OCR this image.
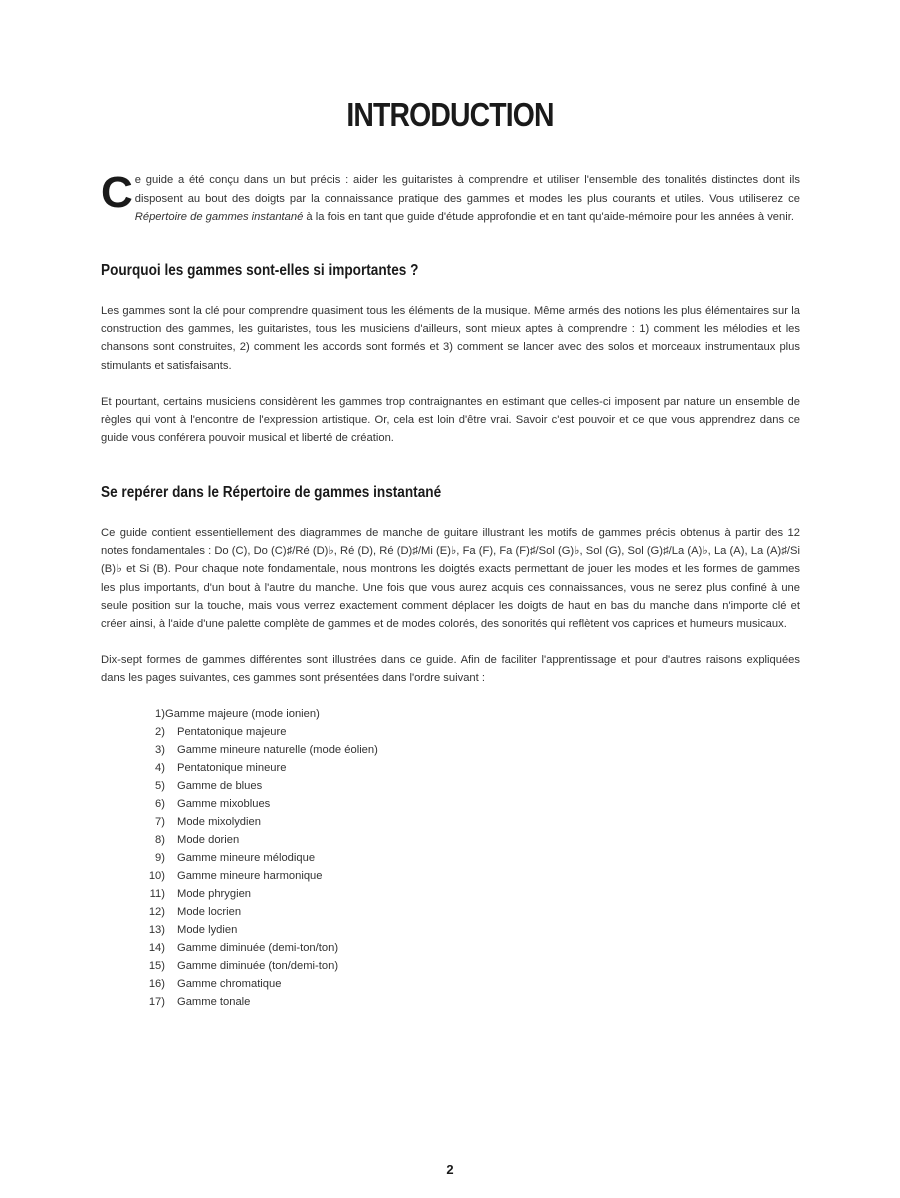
INTRODUCTION
Ce guide a été conçu dans un but précis : aider les guitaristes à comprendre et utiliser l'ensemble des tonalités distinctes dont ils disposent au bout des doigts par la connaissance pratique des gammes et modes les plus courants et utiles. Vous utiliserez ce Répertoire de gammes instantané à la fois en tant que guide d'étude approfondie et en tant qu'aide-mémoire pour les années à venir.
Pourquoi les gammes sont-elles si importantes ?
Les gammes sont la clé pour comprendre quasiment tous les éléments de la musique. Même armés des notions les plus élémentaires sur la construction des gammes, les guitaristes, tous les musiciens d'ailleurs, sont mieux aptes à comprendre : 1) comment les mélodies et les chansons sont construites, 2) comment les accords sont formés et 3) comment se lancer avec des solos et morceaux instrumentaux plus stimulants et satisfaisants.
Et pourtant, certains musiciens considèrent les gammes trop contraignantes en estimant que celles-ci imposent par nature un ensemble de règles qui vont à l'encontre de l'expression artistique. Or, cela est loin d'être vrai. Savoir c'est pouvoir et ce que vous apprendrez dans ce guide vous conférera pouvoir musical et liberté de création.
Se repérer dans le Répertoire de gammes instantané
Ce guide contient essentiellement des diagrammes de manche de guitare illustrant les motifs de gammes précis obtenus à partir des 12 notes fondamentales : Do (C), Do (C)♯/Ré (D)♭, Ré (D), Ré (D)♯/Mi (E)♭, Fa (F), Fa (F)♯/Sol (G)♭, Sol (G), Sol (G)♯/La (A)♭, La (A), La (A)♯/Si (B)♭ et Si (B). Pour chaque note fondamentale, nous montrons les doigtés exacts permettant de jouer les modes et les formes de gammes les plus importants, d'un bout à l'autre du manche. Une fois que vous aurez acquis ces connaissances, vous ne serez plus confiné à une seule position sur la touche, mais vous verrez exactement comment déplacer les doigts de haut en bas du manche dans n'importe clé et créer ainsi, à l'aide d'une palette complète de gammes et de modes colorés, des sonorités qui reflètent vos caprices et humeurs musicaux.
Dix-sept formes de gammes différentes sont illustrées dans ce guide. Afin de faciliter l'apprentissage et pour d'autres raisons expliquées dans les pages suivantes, ces gammes sont présentées dans l'ordre suivant :
1)Gamme majeure (mode ionien)
2) Pentatonique majeure
3) Gamme mineure naturelle (mode éolien)
4) Pentatonique mineure
5) Gamme de blues
6) Gamme mixoblues
7) Mode mixolydien
8) Mode dorien
9) Gamme mineure mélodique
10) Gamme mineure harmonique
11) Mode phrygien
12) Mode locrien
13) Mode lydien
14) Gamme diminuée (demi-ton/ton)
15) Gamme diminuée (ton/demi-ton)
16) Gamme chromatique
17) Gamme tonale
2
